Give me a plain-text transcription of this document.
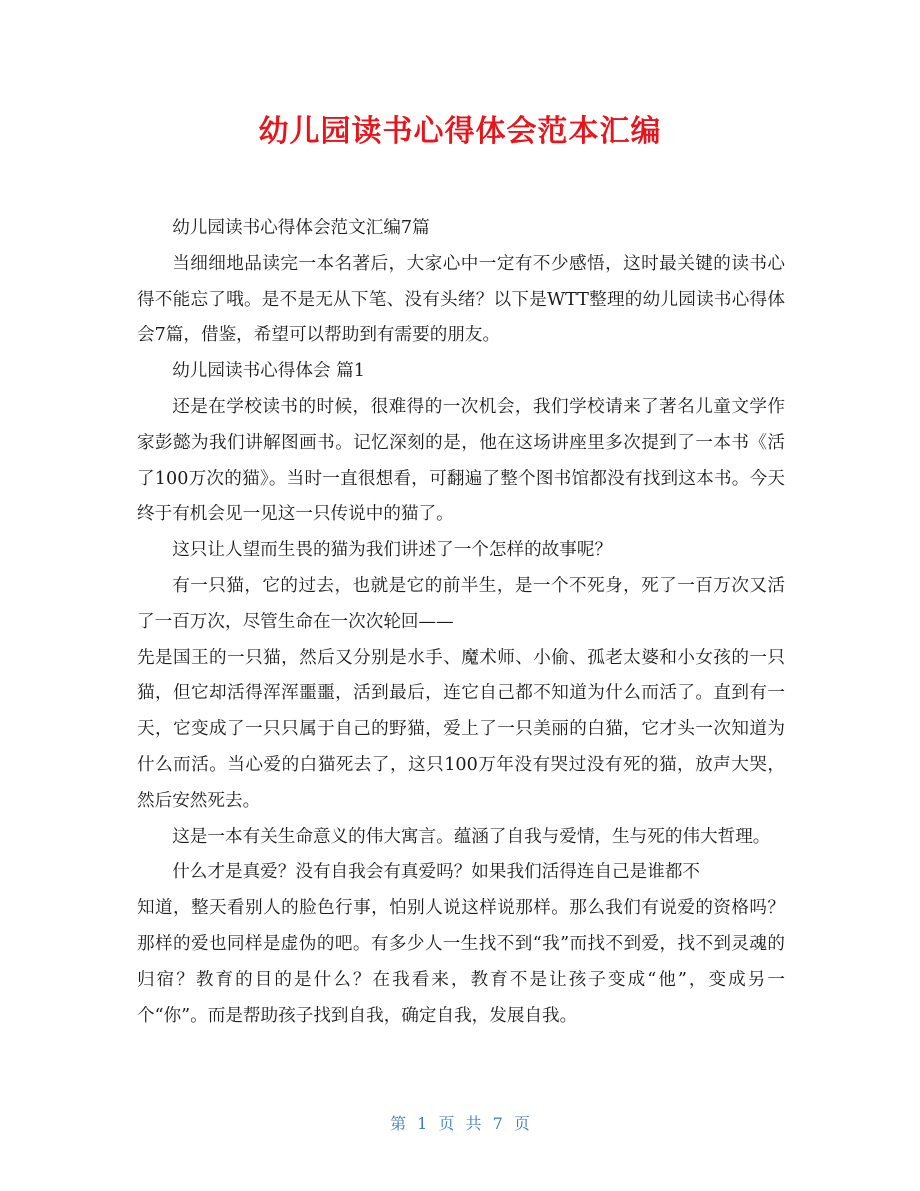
幼儿园读书心得体会范本汇编

幼儿园读书心得体会范文汇编7篇

当细细地品读完一本名著后，大家心中一定有不少感悟，这时最关键的读书心得不能忘了哦。是不是无从下笔、没有头绪？以下是WTT整理的幼儿园读书心得体会7篇，借鉴，希望可以帮助到有需要的朋友。

幼儿园读书心得体会 篇1

还是在学校读书的时候，很难得的一次机会，我们学校请来了著名儿童文学作家彭懿为我们讲解图画书。记忆深刻的是，他在这场讲座里多次提到了一本书《活了100万次的猫》。当时一直很想看，可翻遍了整个图书馆都没有找到这本书。今天终于有机会见一见这一只传说中的猫了。

这只让人望而生畏的猫为我们讲述了一个怎样的故事呢？

有一只猫，它的过去，也就是它的前半生，是一个不死身，死了一百万次又活了一百万次，尽管生命在一次次轮回——

先是国王的一只猫，然后又分别是水手、魔术师、小偷、孤老太婆和小女孩的一只猫，但它却活得浑浑噩噩，活到最后，连它自己都不知道为什么而活了。直到有一天，它变成了一只只属于自己的野猫，爱上了一只美丽的白猫，它才头一次知道为什么而活。当心爱的白猫死去了，这只100万年没有哭过没有死的猫，放声大哭，然后安然死去。

这是一本有关生命意义的伟大寓言。蕴涵了自我与爱情，生与死的伟大哲理。

什么才是真爱？没有自我会有真爱吗？如果我们活得连自己是谁都不

知道，整天看别人的脸色行事，怕别人说这样说那样。那么我们有说爱的资格吗？那样的爱也同样是虚伪的吧。有多少人一生找不到“我”而找不到爱，找不到灵魂的归宿？教育的目的是什么？在我看来，教育不是让孩子变成“他”，变成另一个“你”。而是帮助孩子找到自我，确定自我，发展自我。

第 1 页 共 7 页
